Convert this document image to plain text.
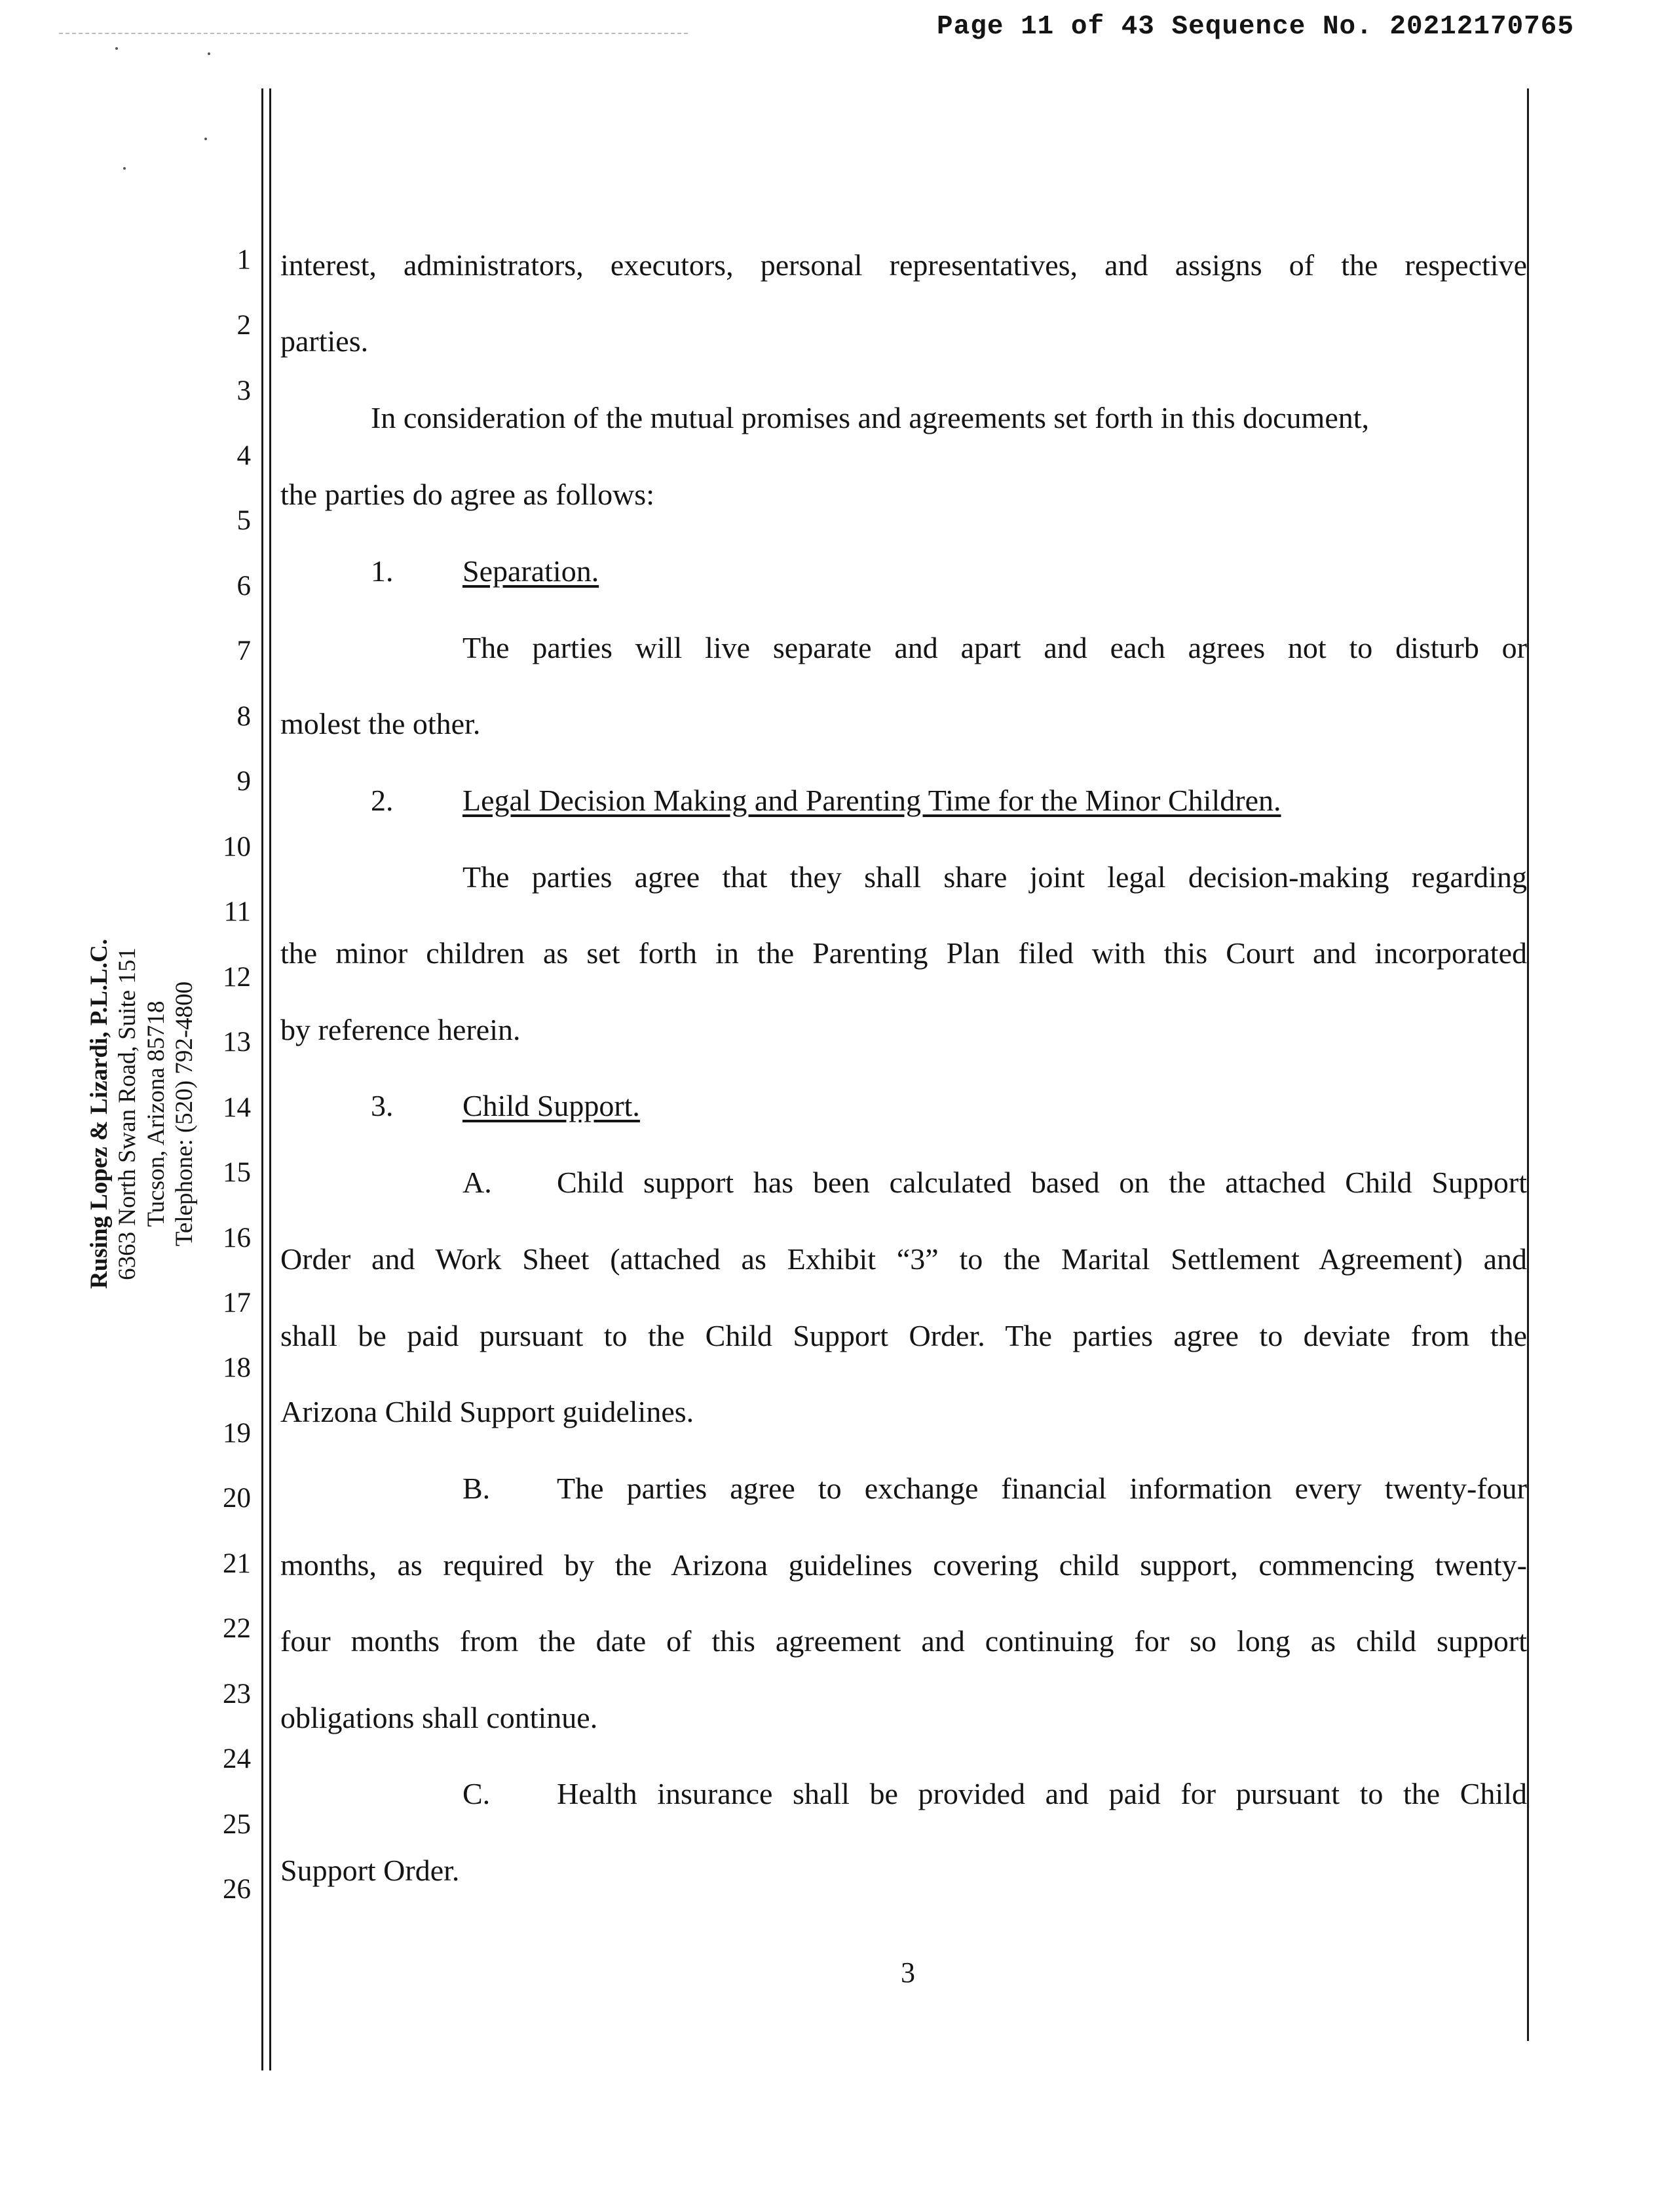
Page 11 of 43 Sequence No. 20212170765
1
2
3
4
5
6
7
8
9
10
11
12
13
14
15
16
17
18
19
20
21
22
23
24
25
26
Rusing Lopez & Lizardi, P.L.L.C. 6363 North Swan Road, Suite 151 Tucson, Arizona 85718 Telephone: (520) 792-4800
interest, administrators, executors, personal representatives, and assigns of the respective
parties.
In consideration of the mutual promises and agreements set forth in this document,
the parties do agree as follows:
1. Separation.
The parties will live separate and apart and each agrees not to disturb or
molest the other.
2. Legal Decision Making and Parenting Time for the Minor Children.
The parties agree that they shall share joint legal decision-making regarding
the minor children as set forth in the Parenting Plan filed with this Court and incorporated
by reference herein.
3. Child Support.
A. Child support has been calculated based on the attached Child Support
Order and Work Sheet (attached as Exhibit “3” to the Marital Settlement Agreement) and
shall be paid pursuant to the Child Support Order. The parties agree to deviate from the
Arizona Child Support guidelines.
B. The parties agree to exchange financial information every twenty-four
months, as required by the Arizona guidelines covering child support, commencing twenty-
four months from the date of this agreement and continuing for so long as child support
obligations shall continue.
C. Health insurance shall be provided and paid for pursuant to the Child
Support Order.
3
